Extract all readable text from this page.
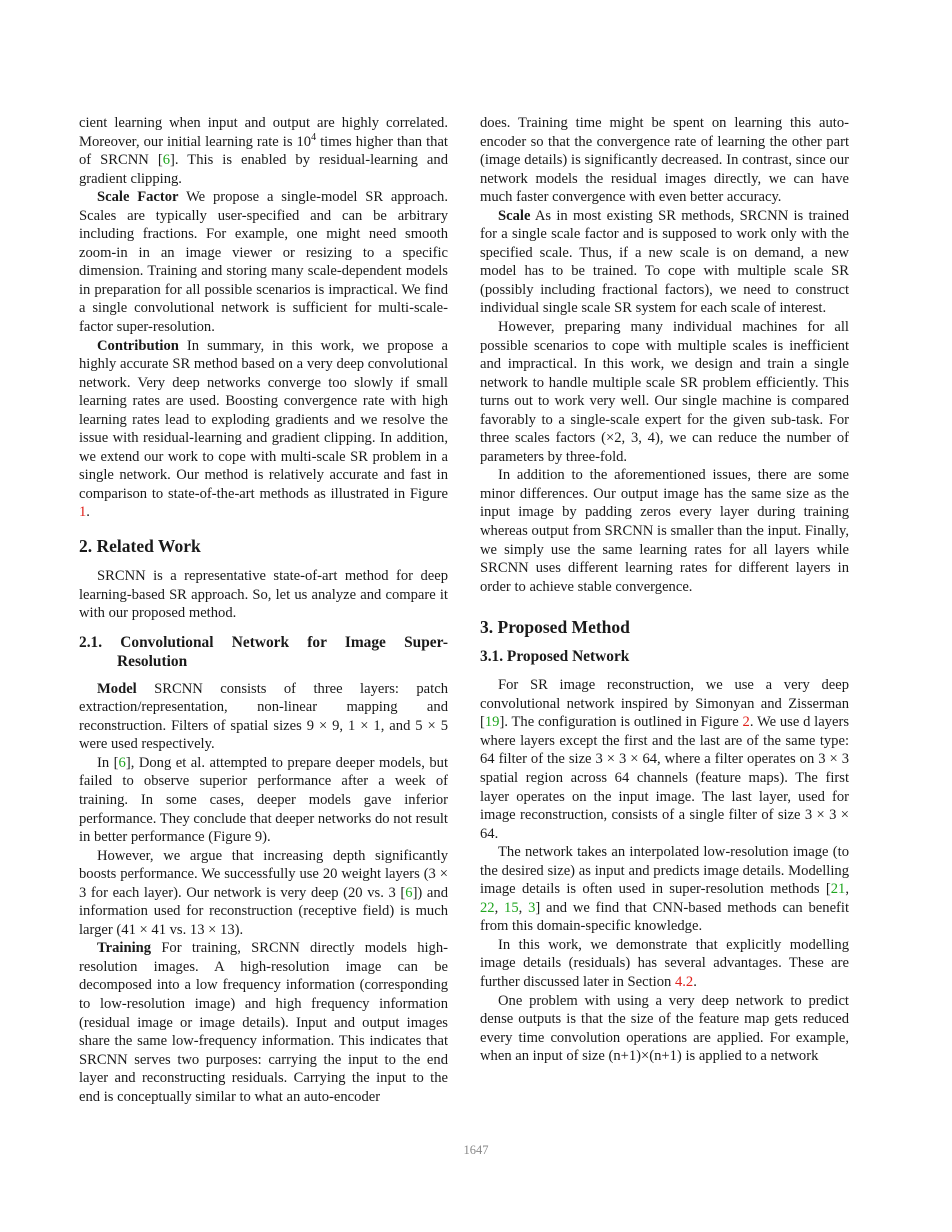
cient learning when input and output are highly correlated. Moreover, our initial learning rate is $10^4$ times higher than that of SRCNN [6]. This is enabled by residual-learning and gradient clipping.

Scale Factor We propose a single-model SR approach. Scales are typically user-specified and can be arbitrary including fractions. For example, one might need smooth zoom-in in an image viewer or resizing to a specific dimension. Training and storing many scale-dependent models in preparation for all possible scenarios is impractical. We find a single convolutional network is sufficient for multi-scale-factor super-resolution.

Contribution In summary, in this work, we propose a highly accurate SR method based on a very deep convolutional network. Very deep networks converge too slowly if small learning rates are used. Boosting convergence rate with high learning rates lead to exploding gradients and we resolve the issue with residual-learning and gradient clipping. In addition, we extend our work to cope with multi-scale SR problem in a single network. Our method is relatively accurate and fast in comparison to state-of-the-art methods as illustrated in Figure 1.

2. Related Work

SRCNN is a representative state-of-art method for deep learning-based SR approach. So, let us analyze and compare it with our proposed method.

2.1. Convolutional Network for Image Super-
Resolution

Model SRCNN consists of three layers: patch extraction/representation, non-linear mapping and reconstruction. Filters of spatial sizes 9 × 9, 1 × 1, and 5 × 5 were used respectively.

In [6], Dong et al. attempted to prepare deeper models, but failed to observe superior performance after a week of training. In some cases, deeper models gave inferior performance. They conclude that deeper networks do not result in better performance (Figure 9).

However, we argue that increasing depth significantly boosts performance. We successfully use 20 weight layers (3 × 3 for each layer). Our network is very deep (20 vs. 3 [6]) and information used for reconstruction (receptive field) is much larger (41 × 41 vs. 13 × 13).

Training For training, SRCNN directly models high-resolution images. A high-resolution image can be decomposed into a low frequency information (corresponding to low-resolution image) and high frequency information (residual image or image details). Input and output images share the same low-frequency information. This indicates that SRCNN serves two purposes: carrying the input to the end layer and reconstructing residuals. Carrying the input to the end is conceptually similar to what an auto-encoder

does. Training time might be spent on learning this auto-encoder so that the convergence rate of learning the other part (image details) is significantly decreased. In contrast, since our network models the residual images directly, we can have much faster convergence with even better accuracy.

Scale As in most existing SR methods, SRCNN is trained for a single scale factor and is supposed to work only with the specified scale. Thus, if a new scale is on demand, a new model has to be trained. To cope with multiple scale SR (possibly including fractional factors), we need to construct individual single scale SR system for each scale of interest.

However, preparing many individual machines for all possible scenarios to cope with multiple scales is inefficient and impractical. In this work, we design and train a single network to handle multiple scale SR problem efficiently. This turns out to work very well. Our single machine is compared favorably to a single-scale expert for the given sub-task. For three scales factors (×2, 3, 4), we can reduce the number of parameters by three-fold.

In addition to the aforementioned issues, there are some minor differences. Our output image has the same size as the input image by padding zeros every layer during training whereas output from SRCNN is smaller than the input. Finally, we simply use the same learning rates for all layers while SRCNN uses different learning rates for different layers in order to achieve stable convergence.

3. Proposed Method
3.1. Proposed Network

For SR image reconstruction, we use a very deep convolutional network inspired by Simonyan and Zisserman [19]. The configuration is outlined in Figure 2. We use d layers where layers except the first and the last are of the same type: 64 filter of the size 3 × 3 × 64, where a filter operates on 3 × 3 spatial region across 64 channels (feature maps). The first layer operates on the input image. The last layer, used for image reconstruction, consists of a single filter of size 3 × 3 × 64.

The network takes an interpolated low-resolution image (to the desired size) as input and predicts image details. Modelling image details is often used in super-resolution methods [21, 22, 15, 3] and we find that CNN-based methods can benefit from this domain-specific knowledge.

In this work, we demonstrate that explicitly modelling image details (residuals) has several advantages. These are further discussed later in Section 4.2.

One problem with using a very deep network to predict dense outputs is that the size of the feature map gets reduced every time convolution operations are applied. For example, when an input of size (n+1)×(n+1) is applied to a network

1647
